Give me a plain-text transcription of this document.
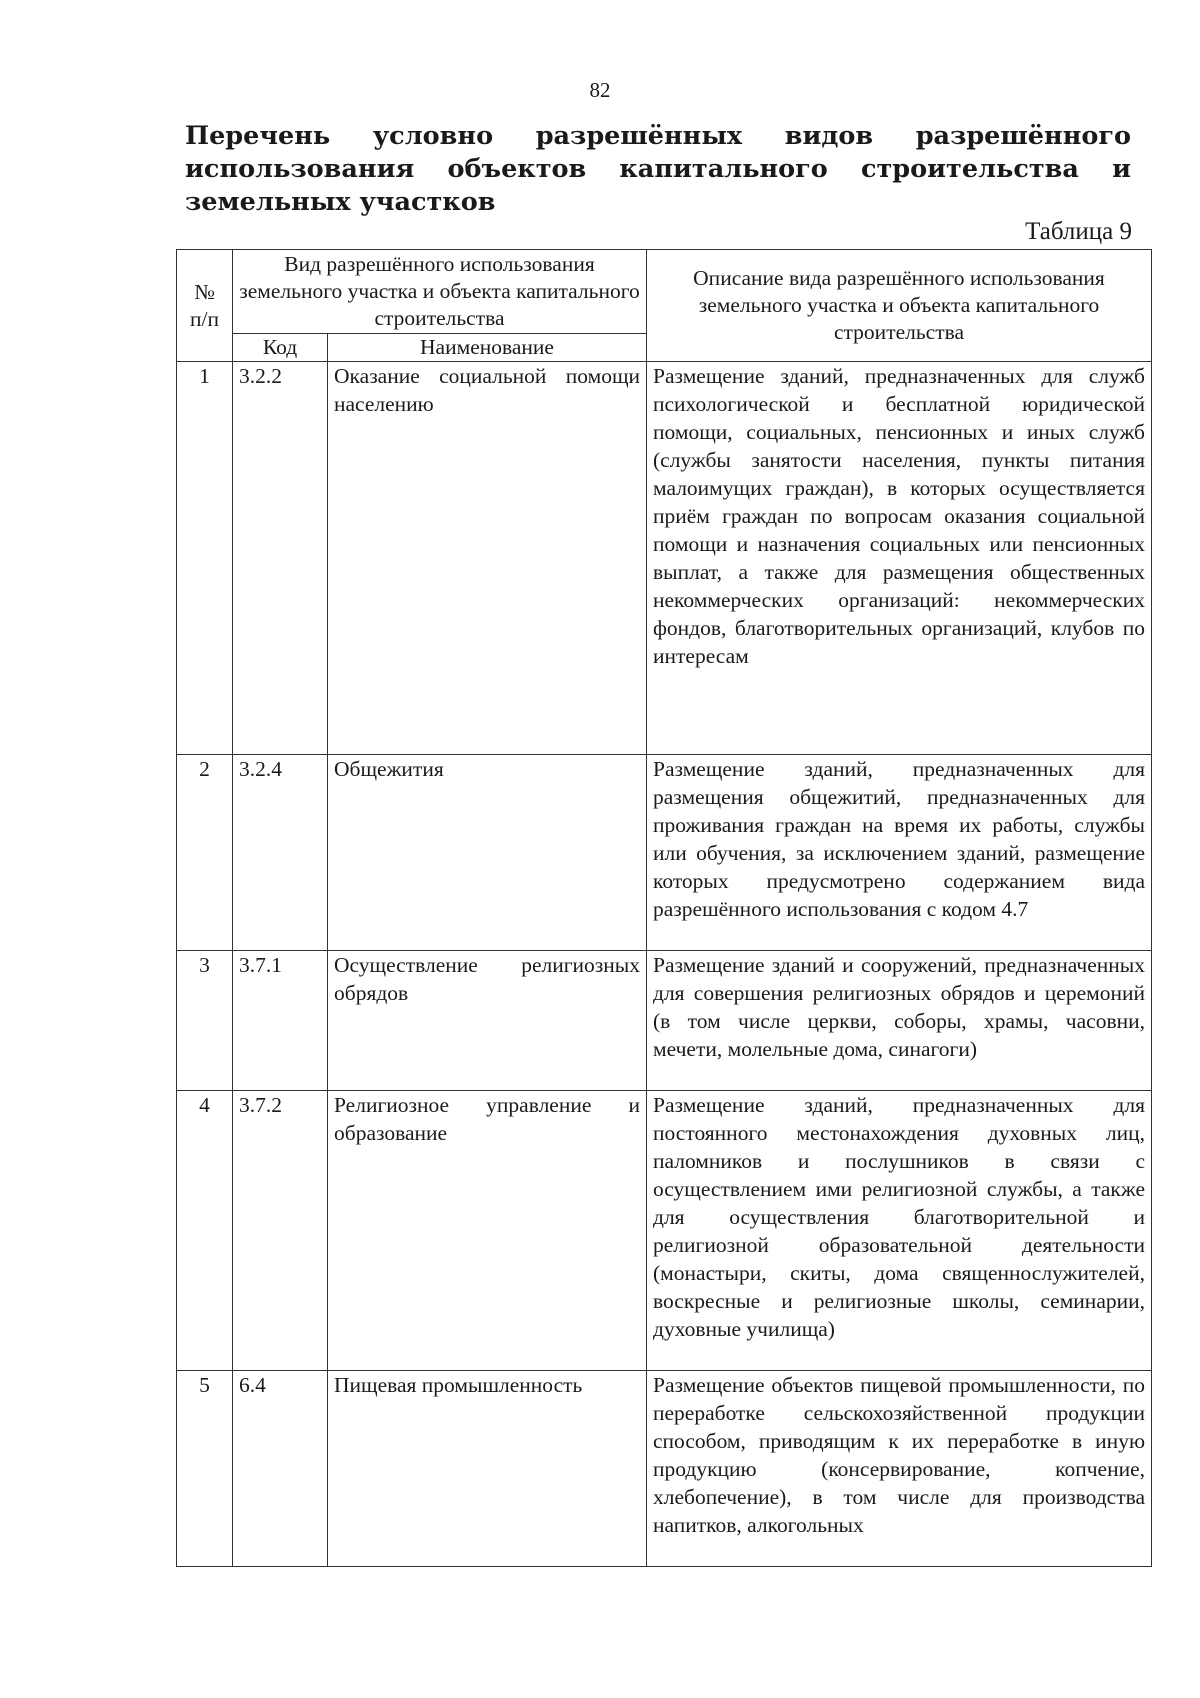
82
Перечень условно разрешённых видов разрешённого использования объектов капитального строительства и земельных участков
Таблица 9
№ п/п	Вид разрешённого использования земельного участка и объекта капитального строительства		Описание вида разрешённого использования земельного участка и объекта капитального строительства
	Код	Наименование	
1	3.2.2	Оказание социальной помощи населению	Размещение зданий, предназначенных для служб психологической и бесплатной юридической помощи, социальных, пенсионных и иных служб (службы занятости населения, пункты питания малоимущих граждан), в которых осуществляется приём граждан по вопросам оказания социальной помощи и назначения социальных или пенсионных выплат, а также для размещения общественных некоммерческих организаций: некоммерческих фондов, благотворительных организаций, клубов по интересам
2	3.2.4	Общежития	Размещение зданий, предназначенных для размещения общежитий, предназначенных для проживания граждан на время их работы, службы или обучения, за исключением зданий, размещение которых предусмотрено содержанием вида разрешённого использования с кодом 4.7
3	3.7.1	Осуществление религиозных обрядов	Размещение зданий и сооружений, предназначенных для совершения религиозных обрядов и церемоний (в том числе церкви, соборы, храмы, часовни, мечети, молельные дома, синагоги)
4	3.7.2	Религиозное управление и образование	Размещение зданий, предназначенных для постоянного местонахождения духовных лиц, паломников и послушников в связи с осуществлением ими религиозной службы, а также для осуществления благотворительной и религиозной образовательной деятельности (монастыри, скиты, дома священнослужителей, воскресные и религиозные школы, семинарии, духовные училища)
5	6.4	Пищевая промышленность	Размещение объектов пищевой промышленности, по переработке сельскохозяйственной продукции способом, приводящим к их переработке в иную продукцию (консервирование, копчение, хлебопечение), в том числе для производства напитков, алкогольных
